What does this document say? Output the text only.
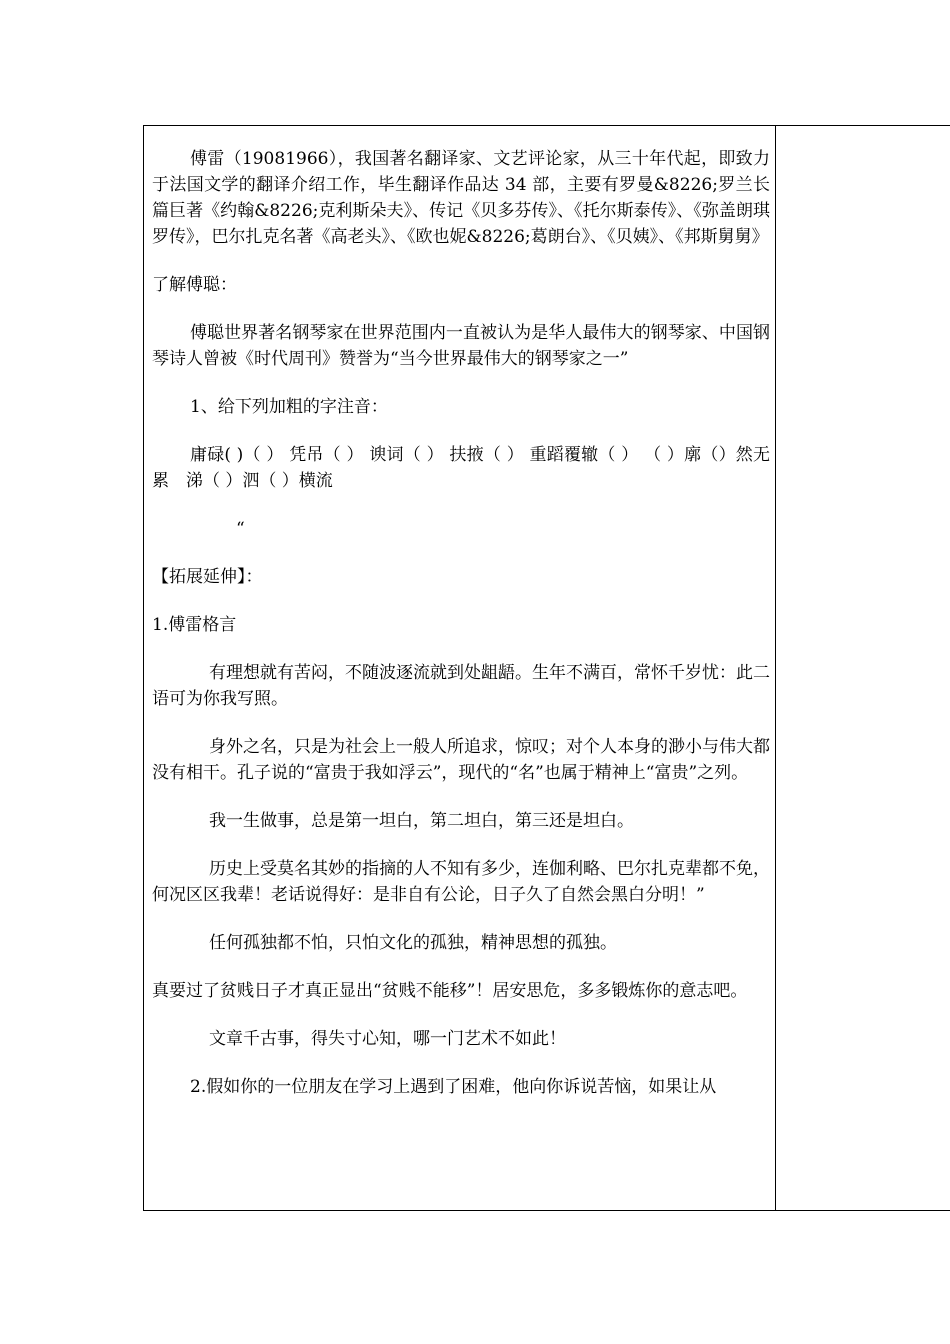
傅雷（19081966），我国著名翻译家、文艺评论家，从三十年代起，即致力于法国文学的翻译介绍工作，毕生翻译作品达 34 部，主要有罗曼&8226;罗兰长篇巨著《约翰&8226;克利斯朵夫》、传记《贝多芬传》、《托尔斯泰传》、《弥盖朗琪罗传》，巴尔扎克名著《高老头》、《欧也妮&8226;葛朗台》、《贝姨》、《邦斯舅舅》

了解傅聪：

傅聪世界著名钢琴家在世界范围内一直被认为是华人最伟大的钢琴家、中国钢琴诗人曾被《时代周刊》赞誉为“当今世界最伟大的钢琴家之一”

1、给下列加粗的字注音：

庸碌( )（ ） 凭吊（ ） 谀词（ ） 扶掖（ ） 重蹈覆辙（ ） （ ）廓（）然无累　涕（ ）泗（ ）横流

“

【拓展延伸】：

1.傅雷格言

有理想就有苦闷，不随波逐流就到处龃龉。生年不满百，常怀千岁忧：此二语可为你我写照。

身外之名，只是为社会上一般人所追求，惊叹；对个人本身的渺小与伟大都没有相干。孔子说的“富贵于我如浮云”，现代的“名”也属于精神上“富贵”之列。

我一生做事，总是第一坦白，第二坦白，第三还是坦白。

历史上受莫名其妙的指摘的人不知有多少，连伽利略、巴尔扎克辈都不免，何况区区我辈！老话说得好：是非自有公论，日子久了自然会黑白分明！”

任何孤独都不怕，只怕文化的孤独，精神思想的孤独。

真要过了贫贱日子才真正显出“贫贱不能移”！居安思危，多多锻炼你的意志吧。

文章千古事，得失寸心知，哪一门艺术不如此！

2.假如你的一位朋友在学习上遇到了困难，他向你诉说苦恼，如果让从
